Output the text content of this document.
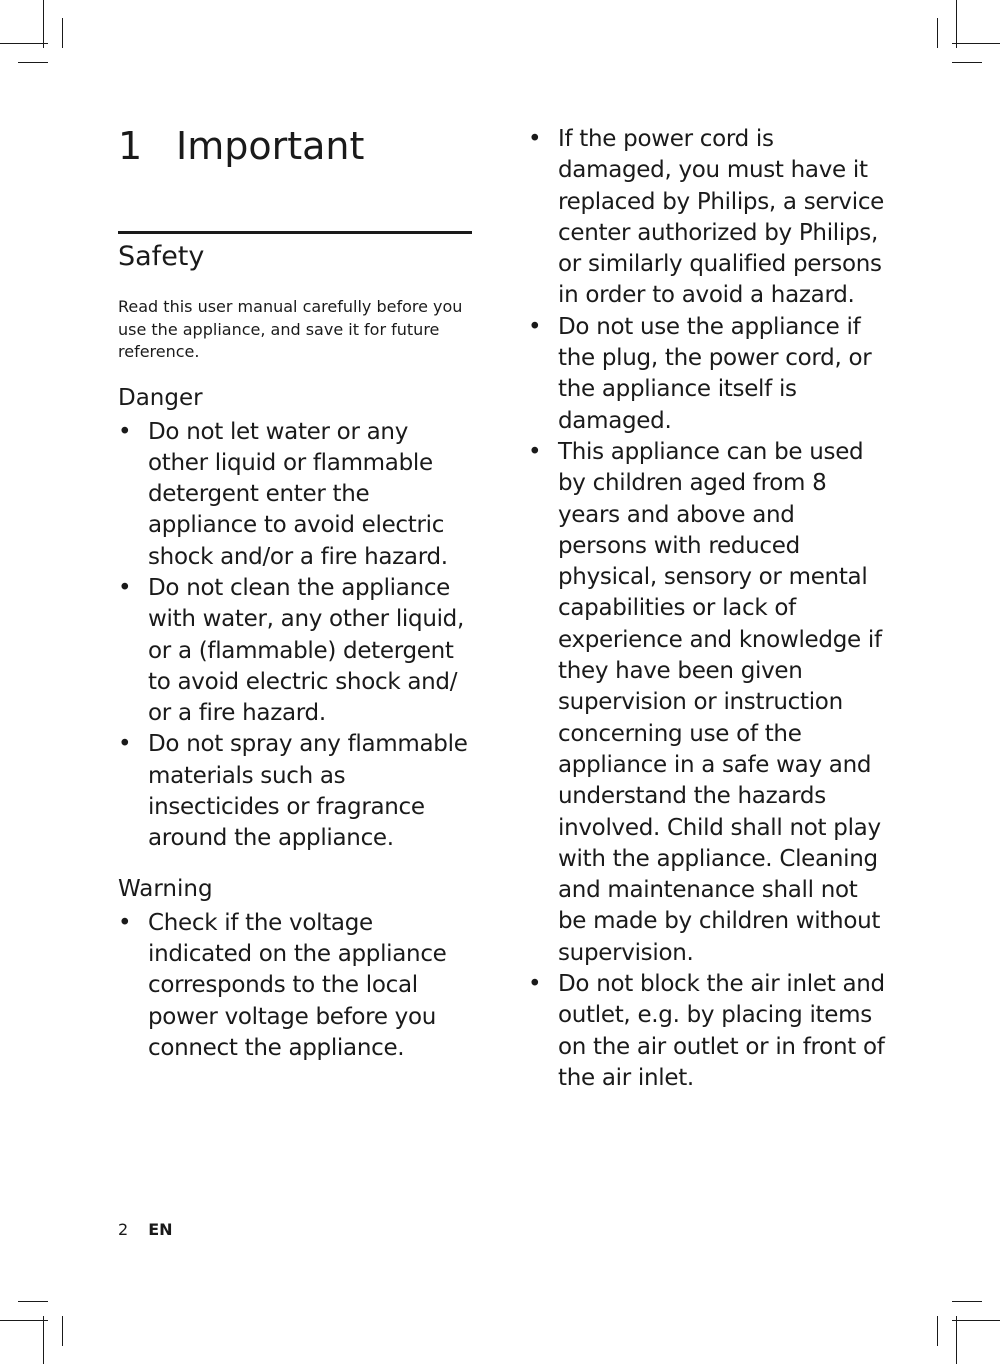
1 Important
Safety

Read this user manual carefully before you use the appliance, and save it for future reference.

Danger
• Do not let water or any other liquid or flammable detergent enter the appliance to avoid electric shock and/or a fire hazard.
• Do not clean the appliance with water, any other liquid, or a (flammable) detergent to avoid electric shock and/ or a fire hazard.
• Do not spray any flammable materials such as insecticides or fragrance around the appliance.
Warning
• Check if the voltage indicated on the appliance corresponds to the local power voltage before you connect the appliance.
• If the power cord is damaged, you must have it replaced by Philips, a service center authorized by Philips, or similarly qualified persons in order to avoid a hazard.
• Do not use the appliance if the plug, the power cord, or the appliance itself is damaged.
• This appliance can be used by children aged from 8 years and above and persons with reduced physical, sensory or mental capabilities or lack of experience and knowledge if they have been given supervision or instruction concerning use of the appliance in a safe way and understand the hazards involved. Child shall not play with the appliance. Cleaning and maintenance shall not be made by children without supervision.
• Do not block the air inlet and outlet, e.g. by placing items on the air outlet or in front of the air inlet.
2 EN
